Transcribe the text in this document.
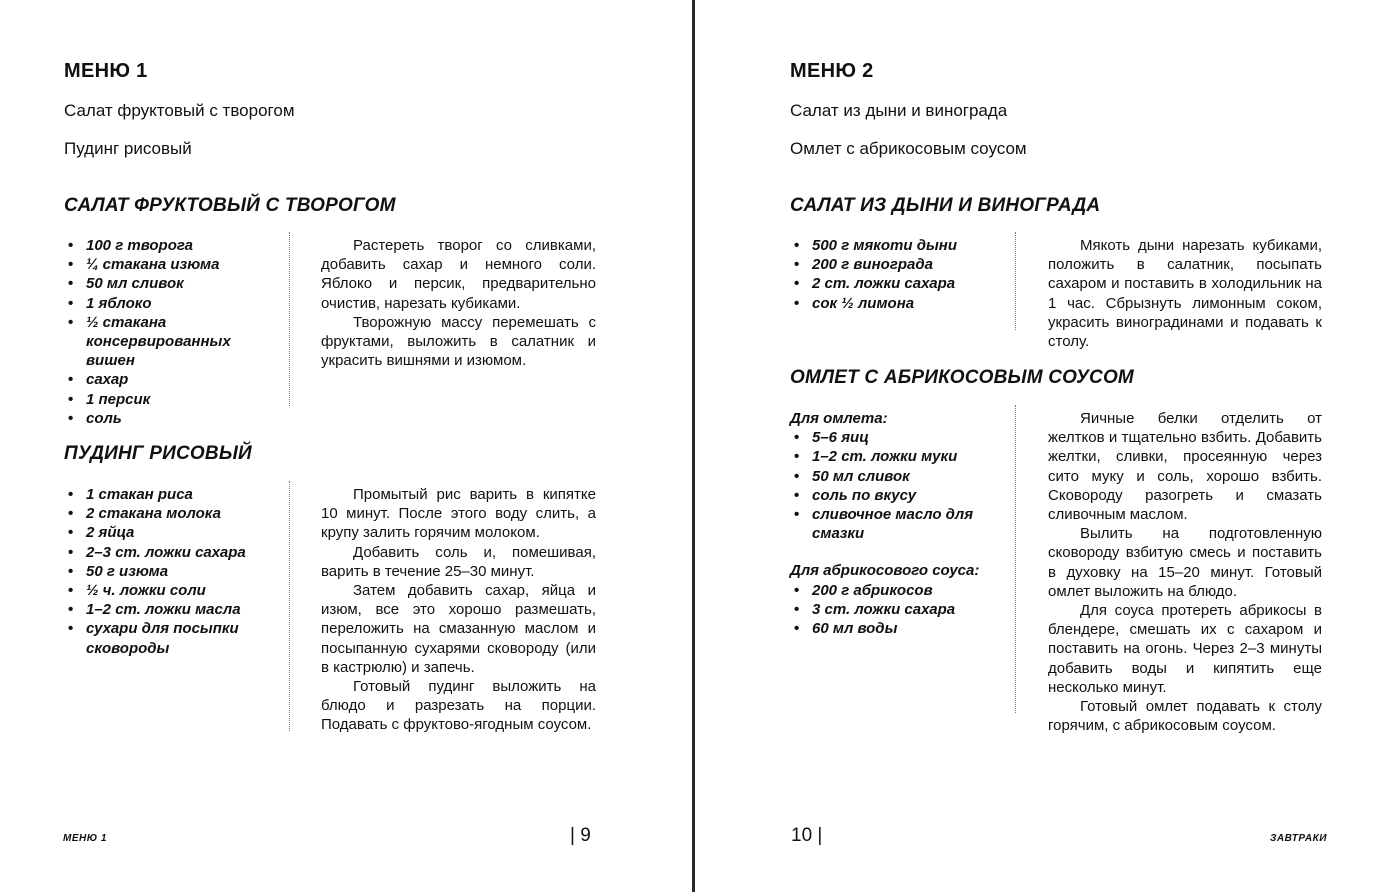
МЕНЮ 1
Салат фруктовый с творогом
Пудинг рисовый
САЛАТ ФРУКТОВЫЙ С ТВОРОГОМ
• 100 г творога
• ¼ стакана изюма
• 50 мл сливок
• 1 яблоко
• ½ стакана консервированных вишен
• сахар
• 1 персик
• соль

Растереть творог со сливками, добавить сахар и немного соли. Яблоко и персик, предварительно очистив, нарезать кубиками.

Творожную массу перемешать с фруктами, выложить в салатник и украсить вишнями и изюмом.

ПУДИНГ РИСОВЫЙ
• 1 стакан риса
• 2 стакана молока
• 2 яйца
• 2–3 ст. ложки сахара
• 50 г изюма
• ½ ч. ложки соли
• 1–2 ст. ложки масла
• сухари для посыпки сковороды

Промытый рис варить в кипятке 10 минут. После этого воду слить, а крупу залить горячим молоком.

Добавить соль и, помешивая, варить в течение 25–30 минут.

Затем добавить сахар, яйца и изюм, все это хорошо размешать, переложить на смазанную маслом и посыпанную сухарями сковороду (или в кастрюлю) и запечь.

Готовый пудинг выложить на блюдо и разрезать на порции. Подавать с фруктово-ягодным соусом.

МЕНЮ 1	| 9
МЕНЮ 2
Салат из дыни и винограда
Омлет с абрикосовым соусом
САЛАТ ИЗ ДЫНИ И ВИНОГРАДА
• 500 г мякоти дыни
• 200 г винограда
• 2 ст. ложки сахара
• сок ½ лимона

Мякоть дыни нарезать кубиками, положить в салатник, посыпать сахаром и поставить в холодильник на 1 час. Сбрызнуть лимонным соком, украсить виноградинами и подавать к столу.

ОМЛЕТ С АБРИКОСОВЫМ СОУСОМ
Для омлета:
• 5–6 яиц
• 1–2 ст. ложки муки
• 50 мл сливок
• соль по вкусу
• сливочное масло для смазки
Для абрикосового соуса:
• 200 г абрикосов
• 3 ст. ложки сахара
• 60 мл воды

Яичные белки отделить от желтков и тщательно взбить. Добавить желтки, сливки, просеянную через сито муку и соль, хорошо взбить. Сковороду разогреть и смазать сливочным маслом.

Вылить на подготовленную сковороду взбитую смесь и поставить в духовку на 15–20 минут. Готовый омлет выложить на блюдо.

Для соуса протереть абрикосы в блендере, смешать их с сахаром и поставить на огонь. Через 2–3 минуты добавить воды и кипятить еще несколько минут.

Готовый омлет подавать к столу горячим, с абрикосовым соусом.

10 |	ЗАВТРАКИ
